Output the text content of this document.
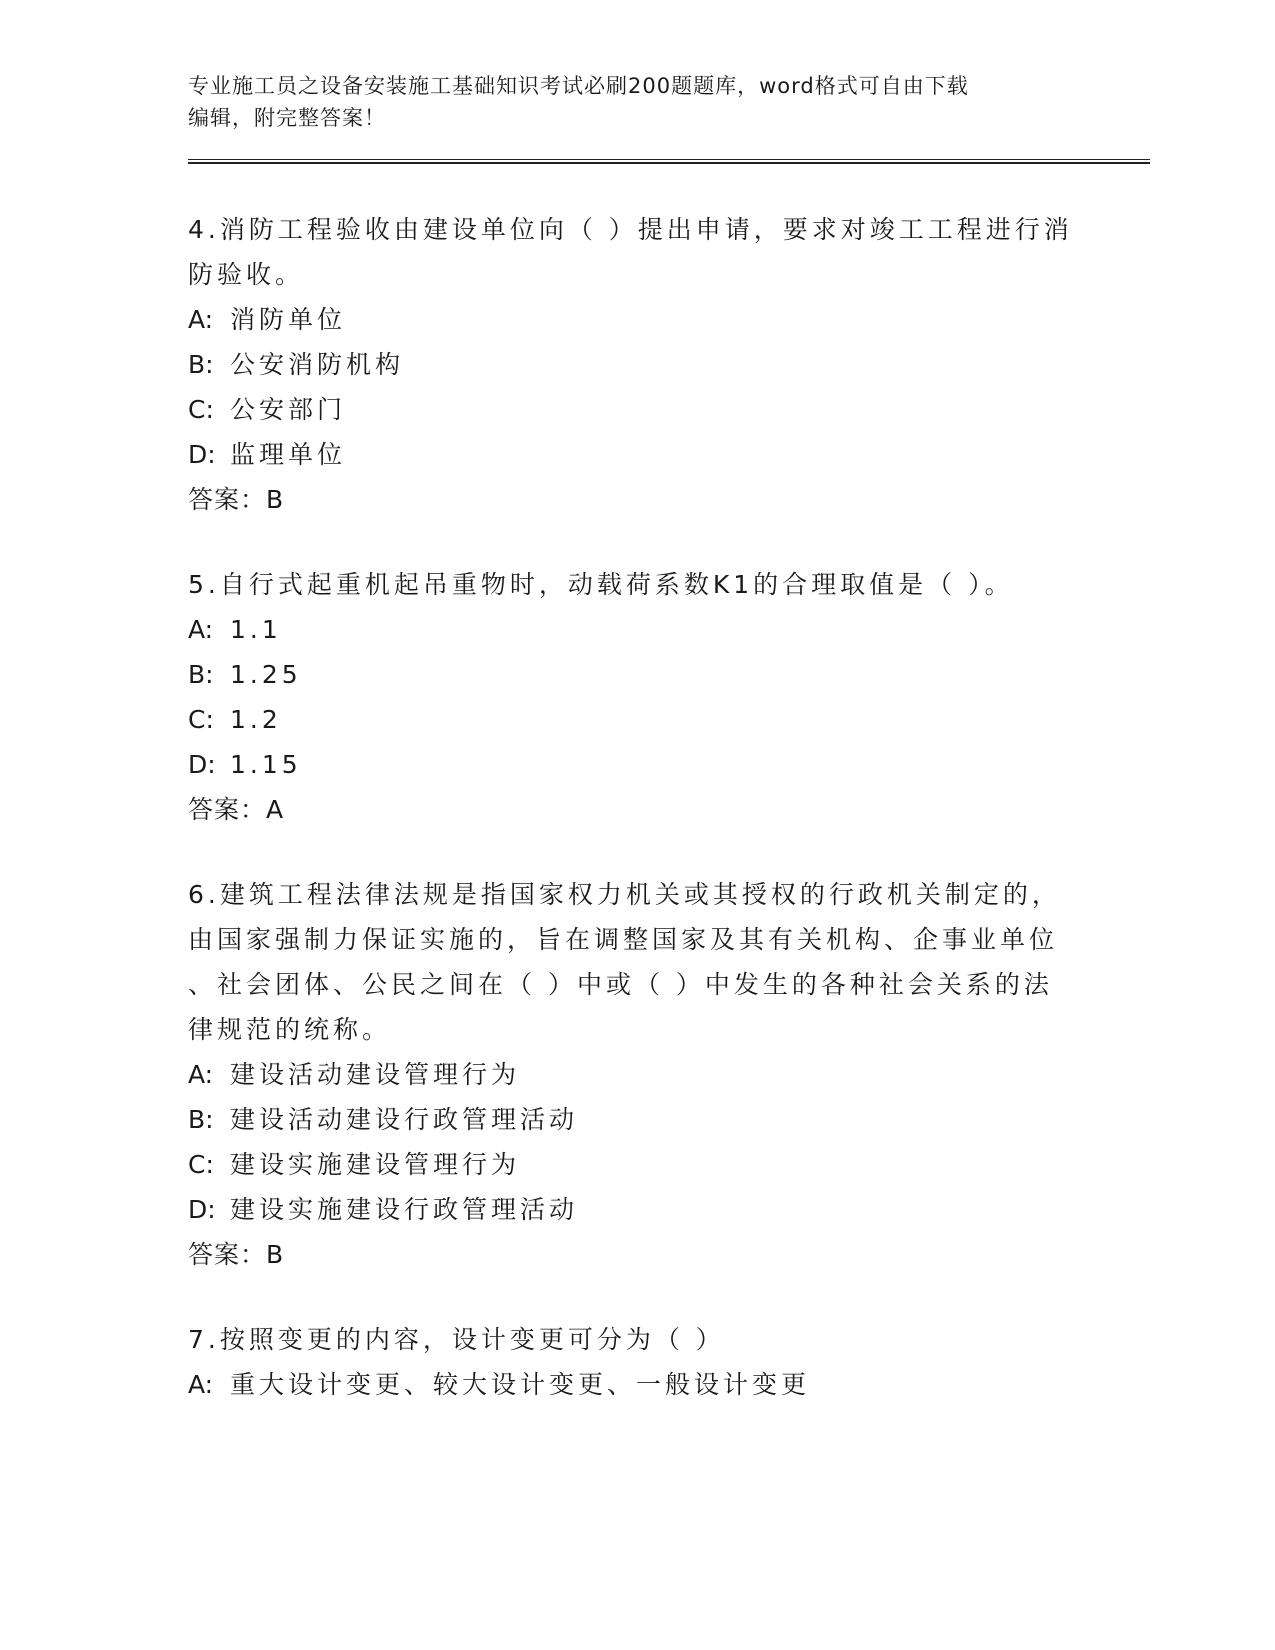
专业施工员之设备安装施工基础知识考试必刷200题题库，word格式可自由下载
编辑，附完整答案！
4.消防工程验收由建设单位向（ ）提出申请，要求对竣工工程进行消
防验收。
A: 消防单位
B: 公安消防机构
C: 公安部门
D: 监理单位
答案：B
5.自行式起重机起吊重物时，动载荷系数K1的合理取值是（ ）。
A: 1.1
B: 1.25
C: 1.2
D: 1.15
答案：A
6.建筑工程法律法规是指国家权力机关或其授权的行政机关制定的，
由国家强制力保证实施的，旨在调整国家及其有关机构、企事业单位
、社会团体、公民之间在（ ）中或（ ）中发生的各种社会关系的法
律规范的统称。
A: 建设活动建设管理行为
B: 建设活动建设行政管理活动
C: 建设实施建设管理行为
D: 建设实施建设行政管理活动
答案：B
7.按照变更的内容，设计变更可分为（ ）
A: 重大设计变更、较大设计变更、一般设计变更
